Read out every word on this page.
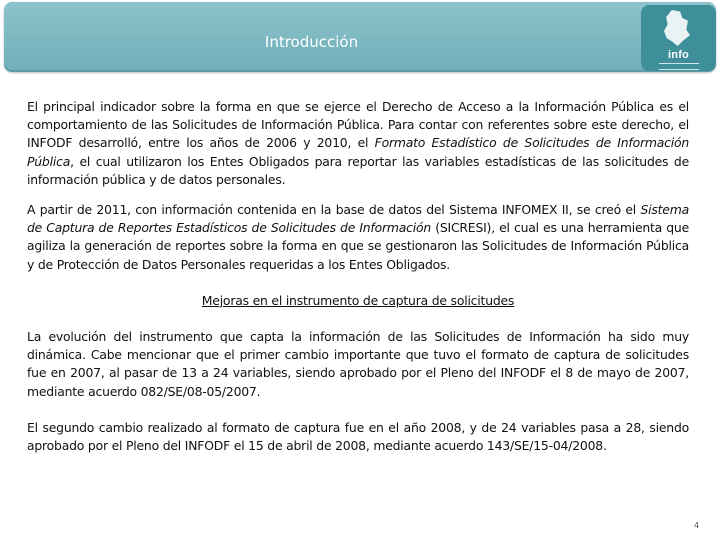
Introducción
info

El principal indicador sobre la forma en que se ejerce el Derecho de Acceso a la Información Pública es el comportamiento de las Solicitudes de Información Pública. Para contar con referentes sobre este derecho, el INFODF desarrolló, entre los años de 2006 y 2010, el Formato Estadístico de Solicitudes de Información Pública, el cual utilizaron los Entes Obligados para reportar las variables estadísticas de las solicitudes de información pública y de datos personales.

A partir de 2011, con información contenida en la base de datos del Sistema INFOMEX II, se creó el Sistema de Captura de Reportes Estadísticos de Solicitudes de Información (SICRESI), el cual es una herramienta que agiliza la generación de reportes sobre la forma en que se gestionaron las Solicitudes de Información Pública y de Protección de Datos Personales requeridas a los Entes Obligados.

Mejoras en el instrumento de captura de solicitudes

La evolución del instrumento que capta la información de las Solicitudes de Información ha sido muy dinámica. Cabe mencionar que el primer cambio importante que tuvo el formato de captura de solicitudes fue en 2007, al pasar de 13 a 24 variables, siendo aprobado por el Pleno del INFODF el 8 de mayo de 2007, mediante acuerdo 082/SE/08-05/2007.

El segundo cambio realizado al formato de captura fue en el año 2008, y de 24 variables pasa a 28, siendo aprobado por el Pleno del INFODF el 15 de abril de 2008, mediante acuerdo 143/SE/15-04/2008.

4
